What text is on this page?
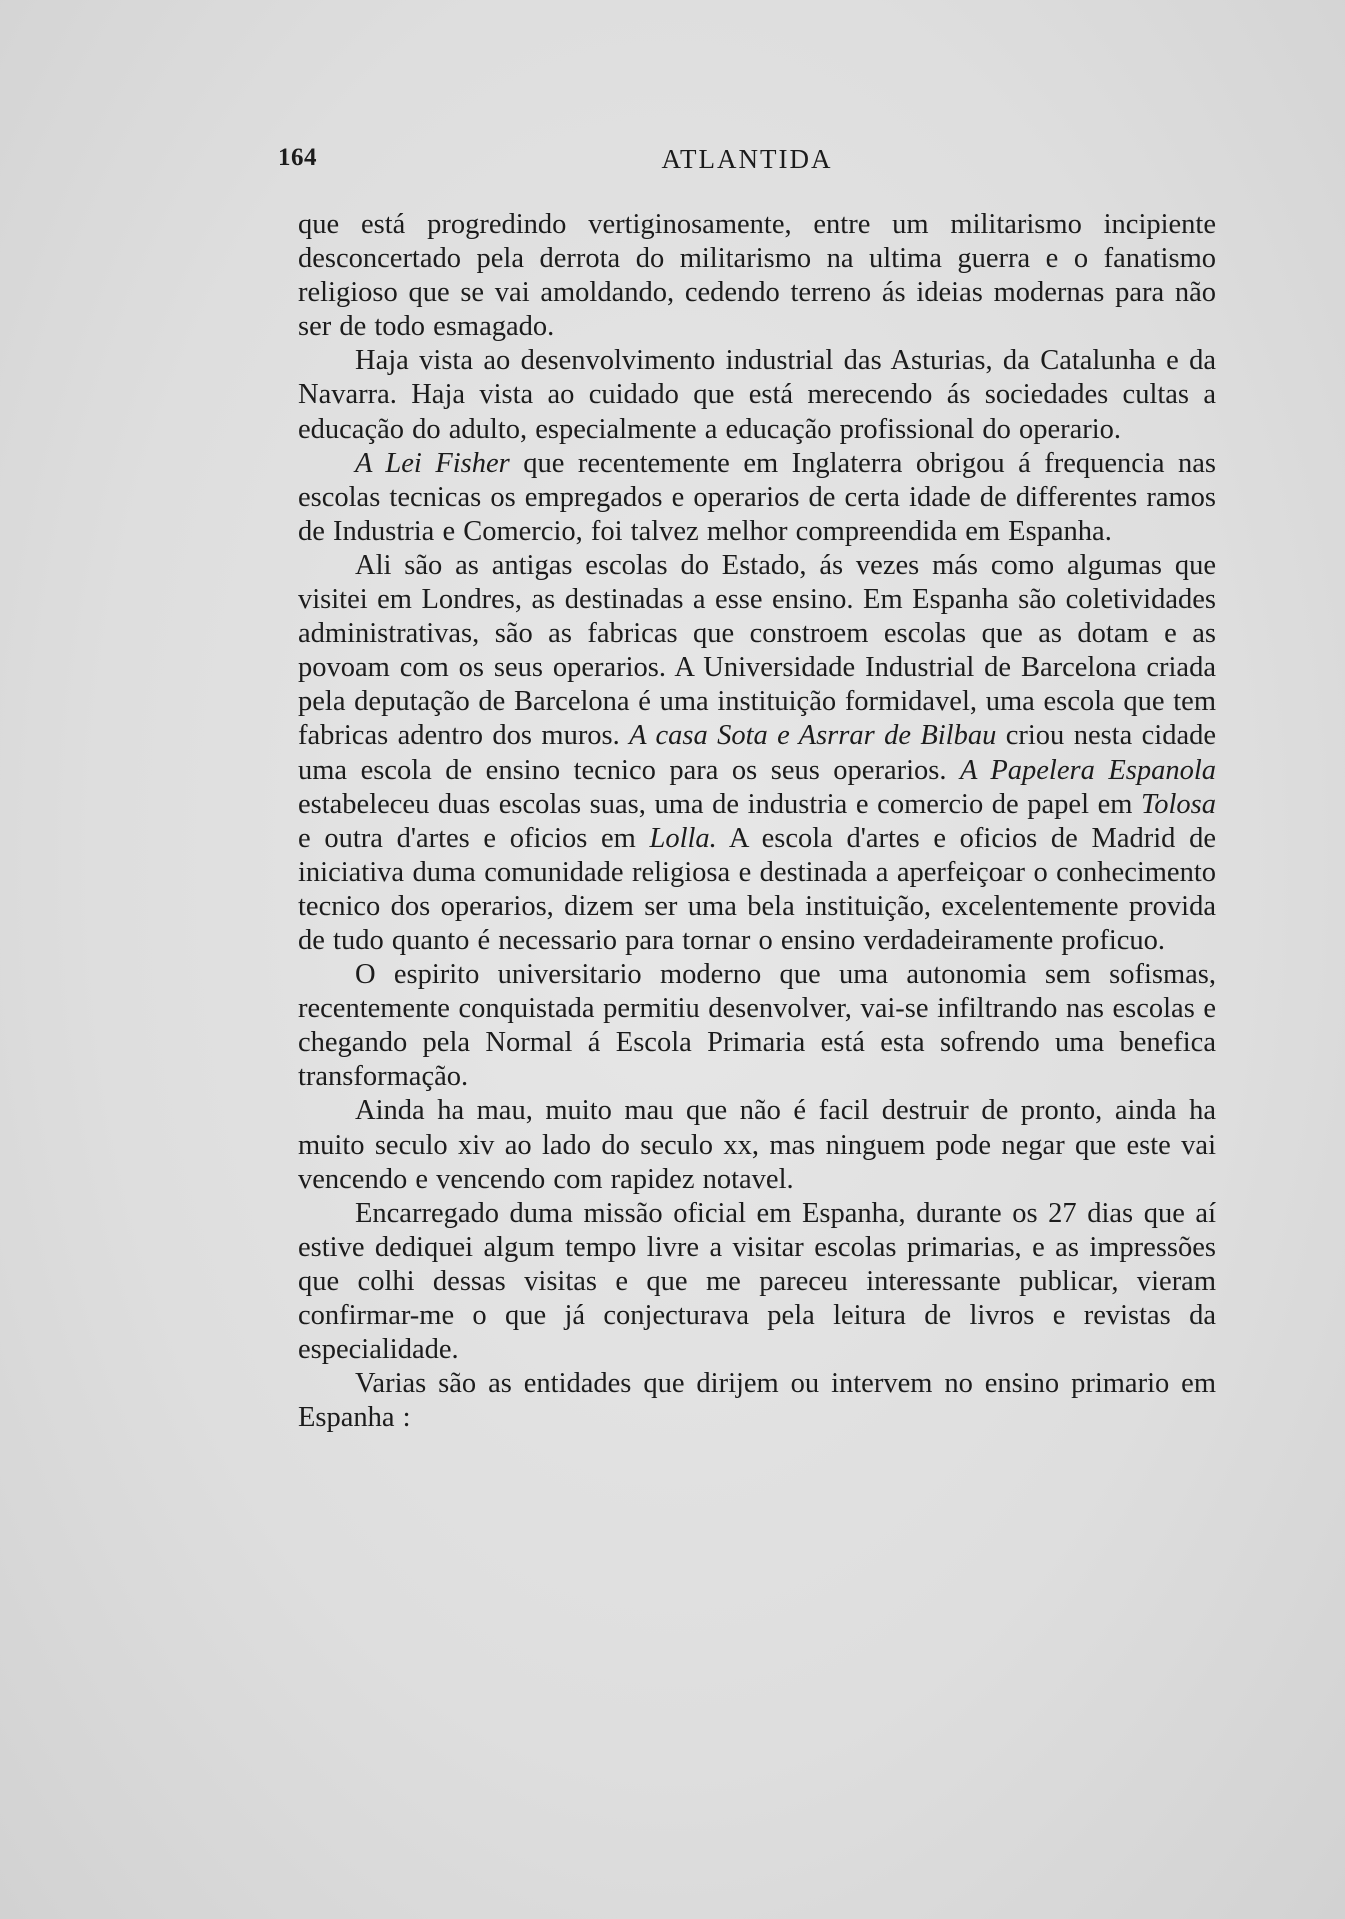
164	ATLANTIDA

que está progredindo vertiginosamente, entre um militarismo incipiente desconcertado pela derrota do militarismo na ultima guerra e o fanatismo religioso que se vai amoldando, cedendo terreno ás ideias modernas para não ser de todo esmagado.

Haja vista ao desenvolvimento industrial das Asturias, da Catalunha e da Navarra. Haja vista ao cuidado que está merecendo ás sociedades cultas a educação do adulto, especialmente a educação profissional do operario.

A Lei Fisher que recentemente em Inglaterra obrigou á frequencia nas escolas tecnicas os empregados e operarios de certa idade de differentes ramos de Industria e Comercio, foi talvez melhor compreendida em Espanha.

Ali são as antigas escolas do Estado, ás vezes más como algumas que visitei em Londres, as destinadas a esse ensino. Em Espanha são coletividades administrativas, são as fabricas que constroem escolas que as dotam e as povoam com os seus operarios. A Universidade Industrial de Barcelona criada pela deputação de Barcelona é uma instituição formidavel, uma escola que tem fabricas adentro dos muros. A casa Sota e Asrrar de Bilbau criou nesta cidade uma escola de ensino tecnico para os seus operarios. A Papelera Espanola estabeleceu duas escolas suas, uma de industria e comercio de papel em Tolosa e outra d'artes e oficios em Lolla. A escola d'artes e oficios de Madrid de iniciativa duma comunidade religiosa e destinada a aperfeiçoar o conhecimento tecnico dos operarios, dizem ser uma bela instituição, excelentemente provida de tudo quanto é necessario para tornar o ensino verdadeiramente proficuo.

O espirito universitario moderno que uma autonomia sem sofismas, recentemente conquistada permitiu desenvolver, vai-se infiltrando nas escolas e chegando pela Normal á Escola Primaria está esta sofrendo uma benefica transformação.

Ainda ha mau, muito mau que não é facil destruir de pronto, ainda ha muito seculo xiv ao lado do seculo xx, mas ninguem pode negar que este vai vencendo e vencendo com rapidez notavel.

Encarregado duma missão oficial em Espanha, durante os 27 dias que aí estive dediquei algum tempo livre a visitar escolas primarias, e as impressões que colhi dessas visitas e que me pareceu interessante publicar, vieram confirmar-me o que já conjecturava pela leitura de livros e revistas da especialidade.

Varias são as entidades que dirijem ou intervem no ensino primario em Espanha :
